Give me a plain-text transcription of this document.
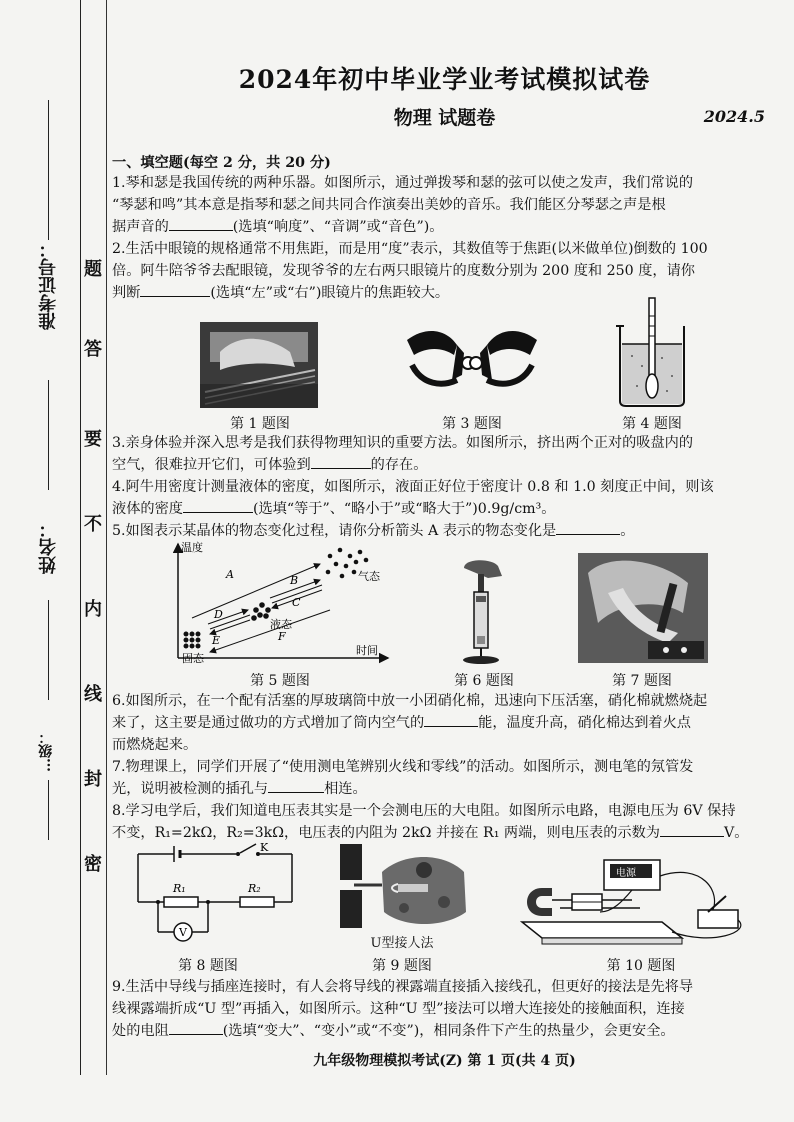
准考证号：
姓名：
…级：
题
答
要
不
内
线
封
密
2024年初中毕业学业考试模拟试卷
物理 试题卷	2024.5
一、填空题(每空 2 分，共 20 分)
1.琴和瑟是我国传统的两种乐器。如图所示，通过弹拨琴和瑟的弦可以使之发声，我们常说的
“琴瑟和鸣”其本意是指琴和瑟之间共同合作演奏出美妙的音乐。我们能区分琴瑟之声是根
据声音的	(选填“响度”、“音调”或“音色”)。
2.生活中眼镜的规格通常不用焦距，而是用“度”表示，其数值等于焦距(以米做单位)倒数的 100
倍。阿牛陪爷爷去配眼镜，发现爷爷的左右两只眼镜片的度数分别为 200 度和 250 度，请你
判断	(选填“左”或“右”)眼镜片的焦距较大。
第 1 题图	第 3 题图	第 4 题图
3.亲身体验并深入思考是我们获得物理知识的重要方法。如图所示，挤出两个正对的吸盘内的
空气，很难拉开它们，可体验到	的存在。
4.阿牛用密度计测量液体的密度，如图所示，液面正好位于密度计 0.8 和 1.0 刻度正中间，则该
液体的密度	(选填“等于”、“略小于”或“略大于”)0.9g/cm³。
5.如图表示某晶体的物态变化过程，请你分析箭头 A 表示的物态变化是	。
温度
时间
A	B
C
D
E	F
气态
液态
固态
第 5 题图	第 6 题图	第 7 题图
6.如图所示，在一个配有活塞的厚玻璃筒中放一小团硝化棉，迅速向下压活塞，硝化棉就燃烧起
来了，这主要是通过做功的方式增加了筒内空气的	能，温度升高，硝化棉达到着火点
而燃烧起来。
7.物理课上，同学们开展了“使用测电笔辨别火线和零线”的活动。如图所示，测电笔的氖管发
光，说明被检测的插孔与	相连。
8.学习电学后，我们知道电压表其实是一个会测电压的大电阻。如图所示电路，电源电压为 6V 保持
不变，R₁=2kΩ，R₂=3kΩ，电压表的内阻为 2kΩ 并接在 R₁ 两端，则电压表的示数为	V。
K
R₁	R₂
V
第 8 题图
U型接人法
第 9 题图
电源
第 10 题图
9.生活中导线与插座连接时，有人会将导线的裸露端直接插入接线孔，但更好的接法是先将导
线裸露端折成“U 型”再插入，如图所示。这种“U 型”接法可以增大连接处的接触面积，连接
处的电阻	(选填“变大”、“变小”或“不变”)，相同条件下产生的热量少，会更安全。
九年级物理模拟考试(Z) 第 1 页(共 4 页)
